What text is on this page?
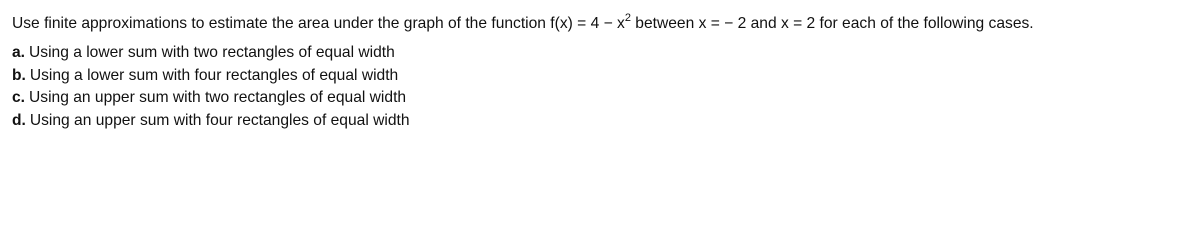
Use finite approximations to estimate the area under the graph of the function $f(x) = 4 - x^2$ between x = − 2 and x = 2 for each of the following cases.

a. Using a lower sum with two rectangles of equal width
b. Using a lower sum with four rectangles of equal width
c. Using an upper sum with two rectangles of equal width
d. Using an upper sum with four rectangles of equal width
